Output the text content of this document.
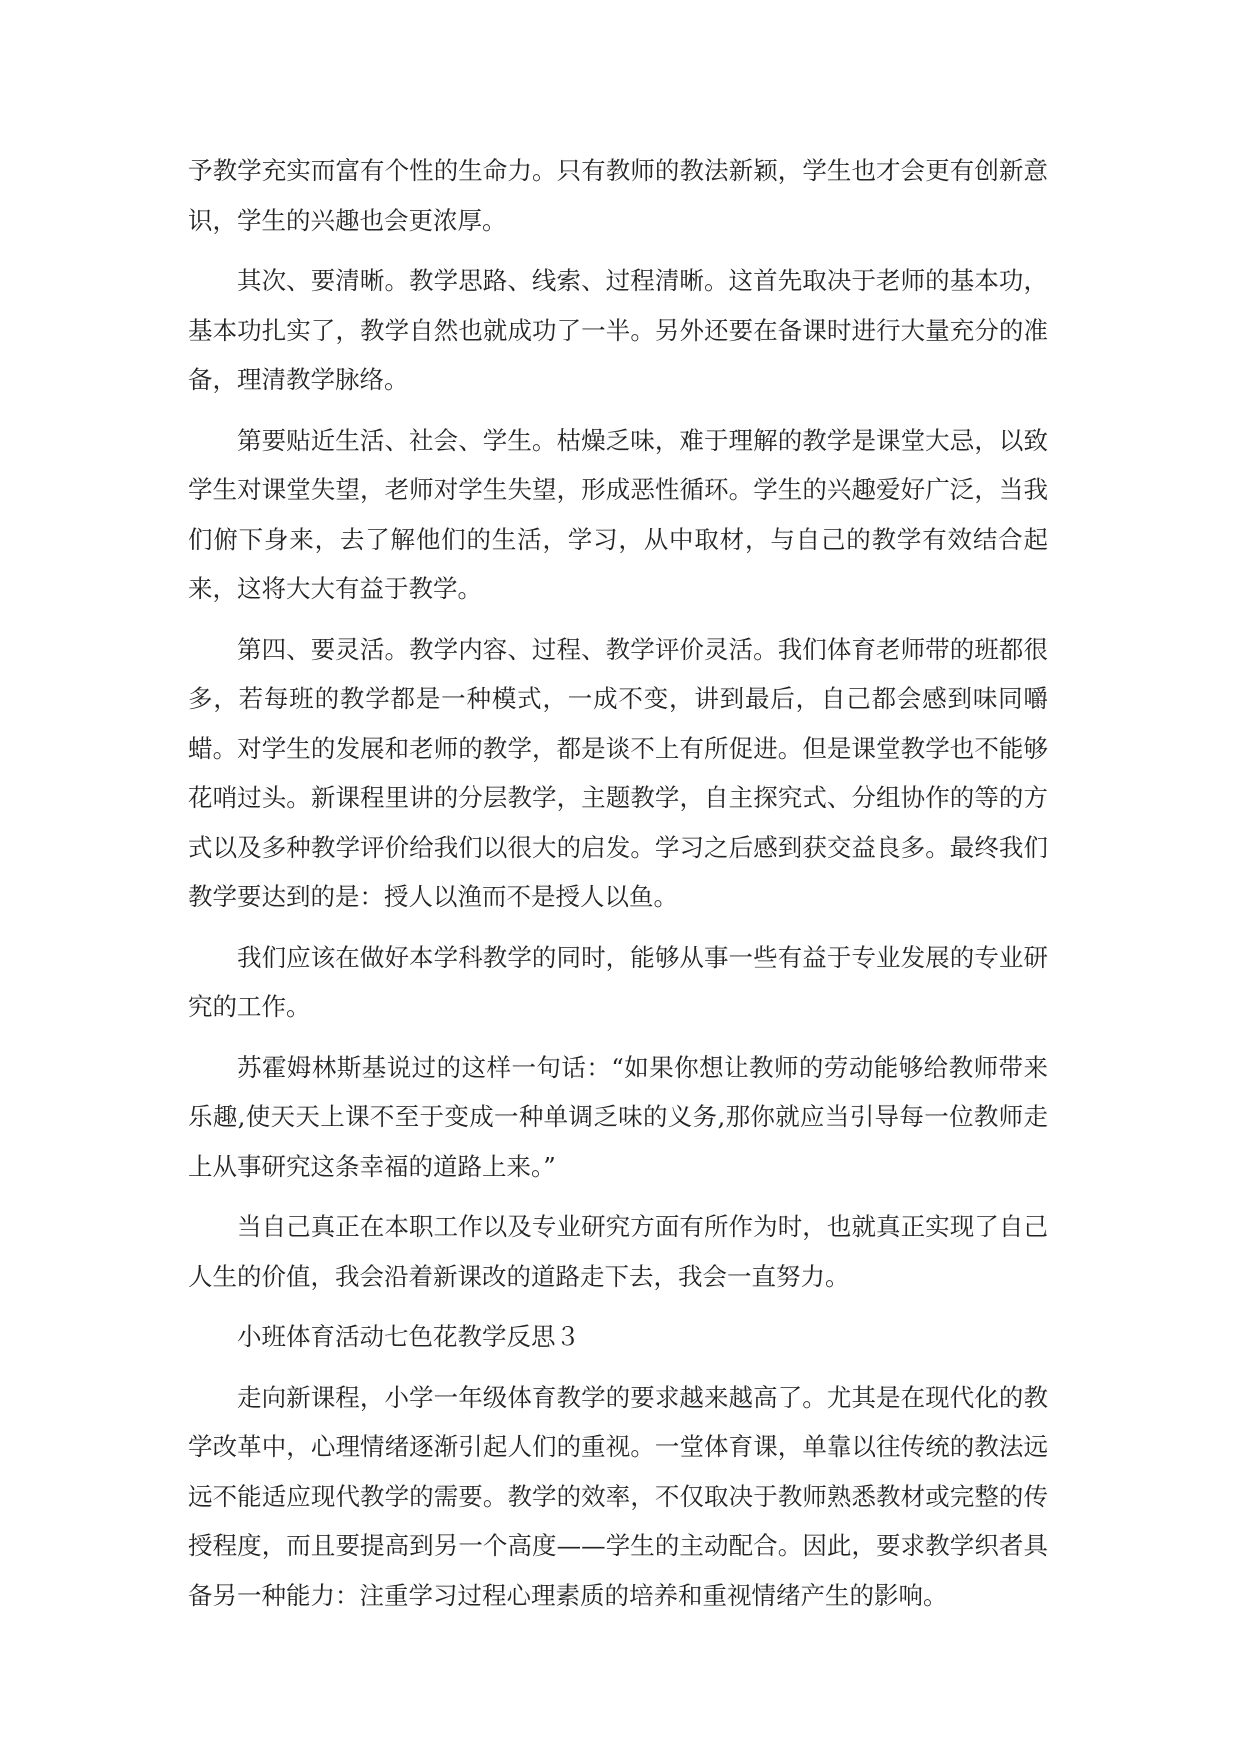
予教学充实而富有个性的生命力。只有教师的教法新颖，学生也才会更有创新意识，学生的兴趣也会更浓厚。

其次、要清晰。教学思路、线索、过程清晰。这首先取决于老师的基本功，基本功扎实了，教学自然也就成功了一半。另外还要在备课时进行大量充分的准备，理清教学脉络。

第要贴近生活、社会、学生。枯燥乏味，难于理解的教学是课堂大忌，以致学生对课堂失望，老师对学生失望，形成恶性循环。学生的兴趣爱好广泛，当我们俯下身来，去了解他们的生活，学习，从中取材，与自己的教学有效结合起来，这将大大有益于教学。

第四、要灵活。教学内容、过程、教学评价灵活。我们体育老师带的班都很多，若每班的教学都是一种模式，一成不变，讲到最后，自己都会感到味同嚼蜡。对学生的发展和老师的教学，都是谈不上有所促进。但是课堂教学也不能够花哨过头。新课程里讲的分层教学，主题教学，自主探究式、分组协作的等的方式以及多种教学评价给我们以很大的启发。学习之后感到获交益良多。最终我们教学要达到的是：授人以渔而不是授人以鱼。

我们应该在做好本学科教学的同时，能够从事一些有益于专业发展的专业研究的工作。

苏霍姆林斯基说过的这样一句话：“如果你想让教师的劳动能够给教师带来乐趣,使天天上课不至于变成一种单调乏味的义务,那你就应当引导每一位教师走上从事研究这条幸福的道路上来。”

当自己真正在本职工作以及专业研究方面有所作为时，也就真正实现了自己人生的价值，我会沿着新课改的道路走下去，我会一直努力。

小班体育活动七色花教学反思３

走向新课程，小学一年级体育教学的要求越来越高了。尤其是在现代化的教学改革中，心理情绪逐渐引起人们的重视。一堂体育课，单靠以往传统的教法远远不能适应现代教学的需要。教学的效率，不仅取决于教师熟悉教材或完整的传授程度，而且要提高到另一个高度——学生的主动配合。因此，要求教学织者具备另一种能力：注重学习过程心理素质的培养和重视情绪产生的影响。
